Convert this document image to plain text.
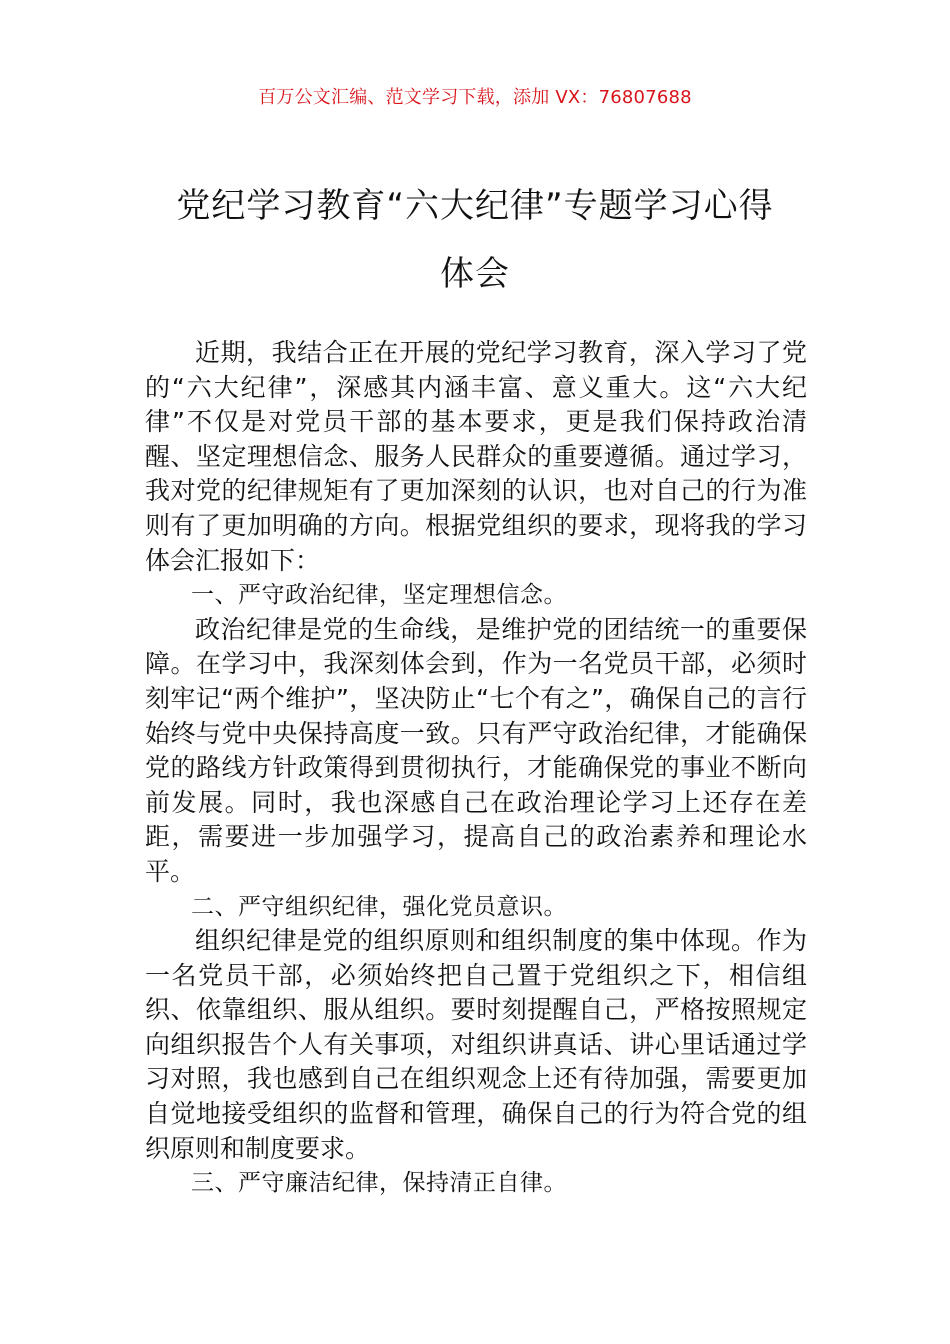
百万公文汇编、范文学习下载，添加 VX：76807688
党纪学习教育“六大纪律”专题学习心得
体会

近期，我结合正在开展的党纪学习教育，深入学习了党的“六大纪律”，深感其内涵丰富、意义重大。这“六大纪律”不仅是对党员干部的基本要求，更是我们保持政治清醒、坚定理想信念、服务人民群众的重要遵循。通过学习，我对党的纪律规矩有了更加深刻的认识，也对自己的行为准则有了更加明确的方向。根据党组织的要求，现将我的学习体会汇报如下：

一、严守政治纪律，坚定理想信念。

政治纪律是党的生命线，是维护党的团结统一的重要保障。在学习中，我深刻体会到，作为一名党员干部，必须时刻牢记“两个维护”，坚决防止“七个有之”，确保自己的言行始终与党中央保持高度一致。只有严守政治纪律，才能确保党的路线方针政策得到贯彻执行，才能确保党的事业不断向前发展。同时，我也深感自己在政治理论学习上还存在差距，需要进一步加强学习，提高自己的政治素养和理论水平。

二、严守组织纪律，强化党员意识。

组织纪律是党的组织原则和组织制度的集中体现。作为一名党员干部，必须始终把自己置于党组织之下，相信组织、依靠组织、服从组织。要时刻提醒自己，严格按照规定向组织报告个人有关事项，对组织讲真话、讲心里话通过学习对照，我也感到自己在组织观念上还有待加强，需要更加自觉地接受组织的监督和管理，确保自己的行为符合党的组织原则和制度要求。

三、严守廉洁纪律，保持清正自律。
